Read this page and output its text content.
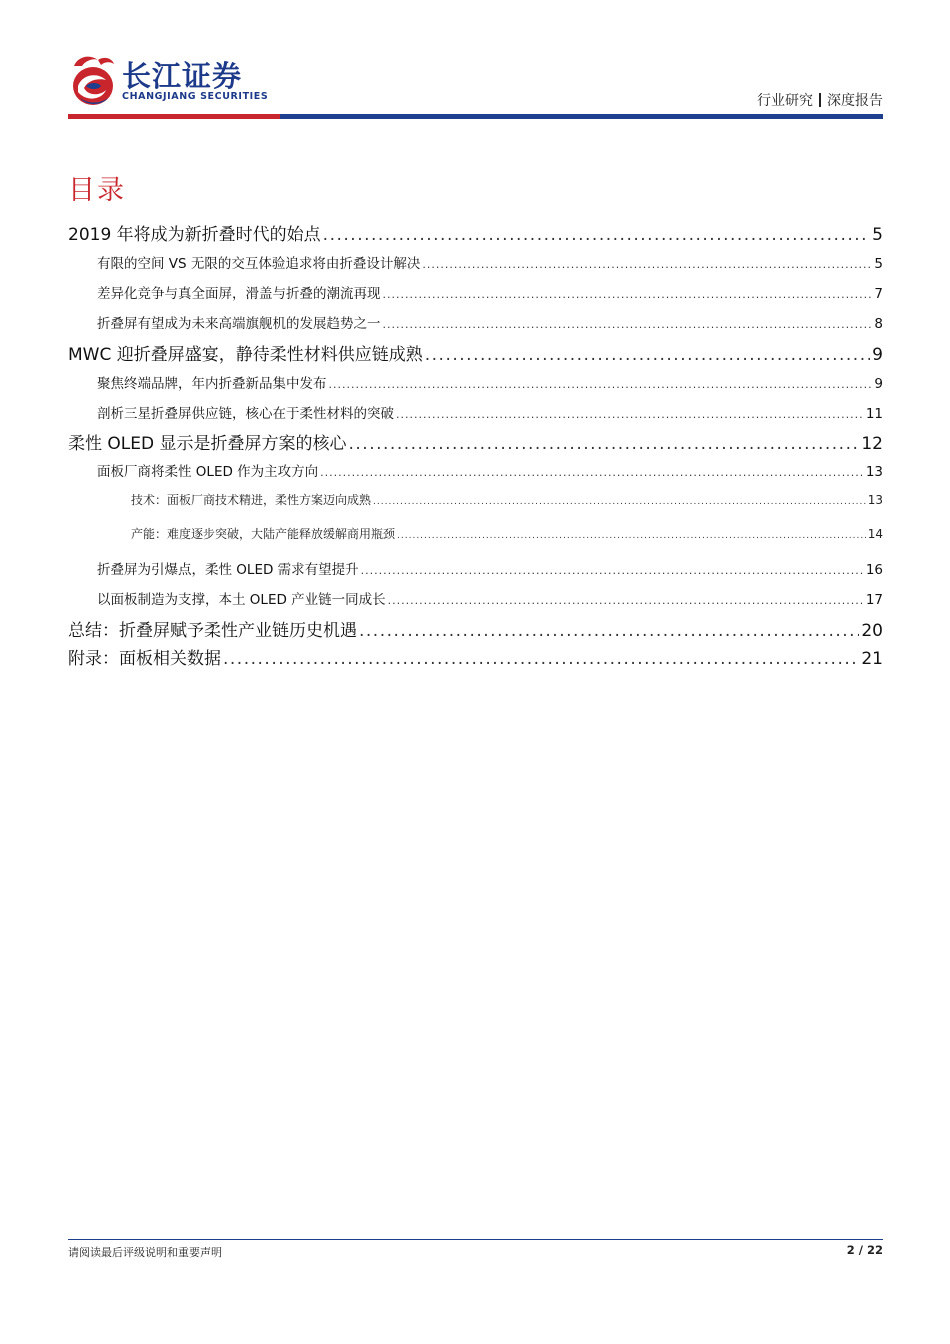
长江证券
CHANGJIANG SECURITIES	行业研究 深度报告
目录
2019 年将成为新折叠时代的始点 .....	5
有限的空间 VS 无限的交互体验追求将由折叠设计解决 .....	5
差异化竞争与真全面屏，滑盖与折叠的潮流再现 .....	7
折叠屏有望成为未来高端旗舰机的发展趋势之一 .....	8
MWC 迎折叠屏盛宴，静待柔性材料供应链成熟 .....	9
聚焦终端品牌，年内折叠新品集中发布 .....	9
剖析三星折叠屏供应链，核心在于柔性材料的突破 .....	11
柔性 OLED 显示是折叠屏方案的核心 .....	12
面板厂商将柔性 OLED 作为主攻方向 .....	13
技术：面板厂商技术精进，柔性方案迈向成熟 .....	13
产能：难度逐步突破，大陆产能释放缓解商用瓶颈 .....	14
折叠屏为引爆点，柔性 OLED 需求有望提升 .....	16
以面板制造为支撑，本土 OLED 产业链一同成长 .....	17
总结：折叠屏赋予柔性产业链历史机遇 .....	20
附录：面板相关数据 .....	21
请阅读最后评级说明和重要声明	2 / 22
